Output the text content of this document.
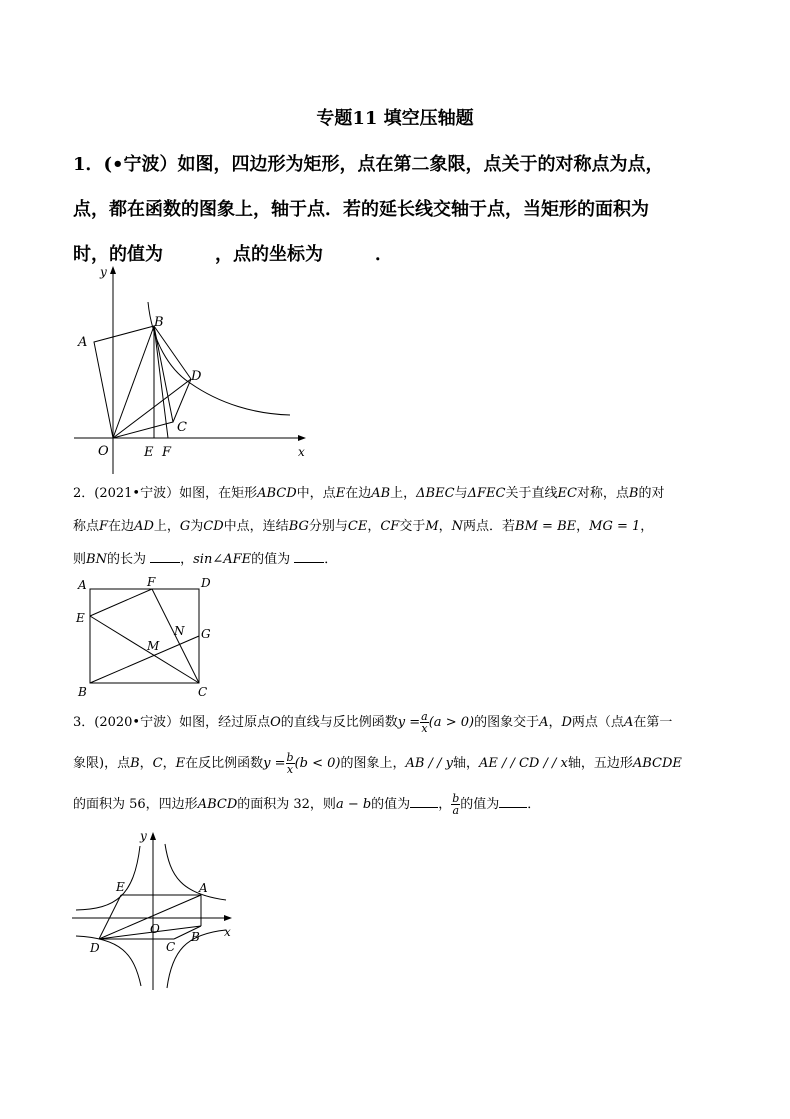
专题11 填空压轴题
1．(•宁波）如图，四边形为矩形，点在第二象限，点关于的对称点为点，
点，都在函数的图象上，轴于点．若的延长线交轴于点，当矩形的面积为
时，的值为	，点的坐标为	．
y
x
A
B
D
C
O	E F
2．(2021•宁波）如图，在矩形ABCD中，点E在边AB上，ΔBEC与ΔFEC关于直线EC对称，点B的对
称点F在边AD上，G为CD中点，连结BG分别与CE，CF交于M，N两点．若BM = BE，MG = 1，
则BN的长为	，sin∠AFE的值为	．
A	F	D
E
N G
M
B	C
3．(2020•宁波）如图，经过原点O的直线与反比例函数$y = \frac{a}{x} (a > 0)$的图象交于A，D两点（点A在第一
象限)，点B，C，E在反比例函数$y = \frac{b}{x} (b < 0)$的图象上，AB / / y轴，AE / / CD / / x轴，五边形ABCDE
的面积为 56，四边形ABCD的面积为 32，则a − b的值为 ， $\frac{b}{a}$ 的值为 ．
y
x
E	A
O
D	C
B
